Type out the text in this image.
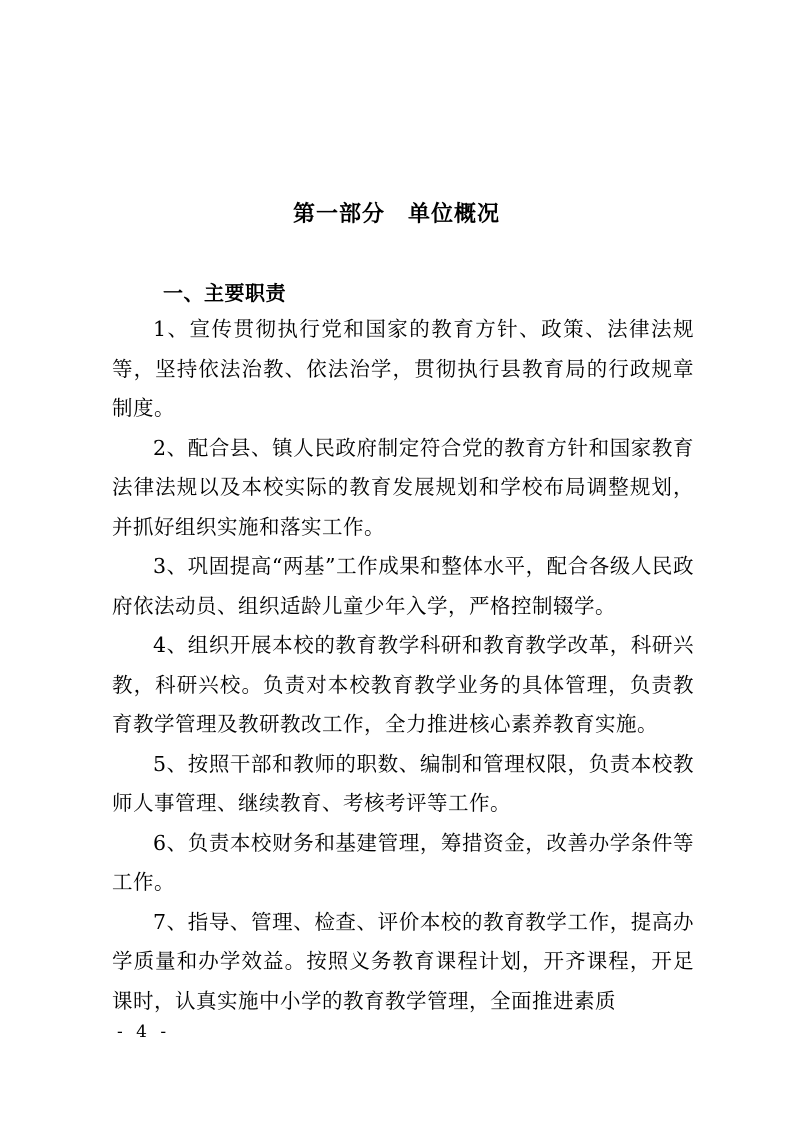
第一部分　单位概况
一、主要职责

1、宣传贯彻执行党和国家的教育方针、政策、法律法规等，坚持依法治教、依法治学，贯彻执行县教育局的行政规章制度。

2、配合县、镇人民政府制定符合党的教育方针和国家教育法律法规以及本校实际的教育发展规划和学校布局调整规划，并抓好组织实施和落实工作。

3、巩固提高“两基”工作成果和整体水平，配合各级人民政府依法动员、组织适龄儿童少年入学，严格控制辍学。

4、组织开展本校的教育教学科研和教育教学改革，科研兴教，科研兴校。负责对本校教育教学业务的具体管理，负责教育教学管理及教研教改工作，全力推进核心素养教育实施。

5、按照干部和教师的职数、编制和管理权限，负责本校教师人事管理、继续教育、考核考评等工作。

6、负责本校财务和基建管理，筹措资金，改善办学条件等工作。

7、指导、管理、检查、评价本校的教育教学工作，提高办学质量和办学效益。按照义务教育课程计划，开齐课程，开足课时，认真实施中小学的教育教学管理，全面推进素质

- 4 -
